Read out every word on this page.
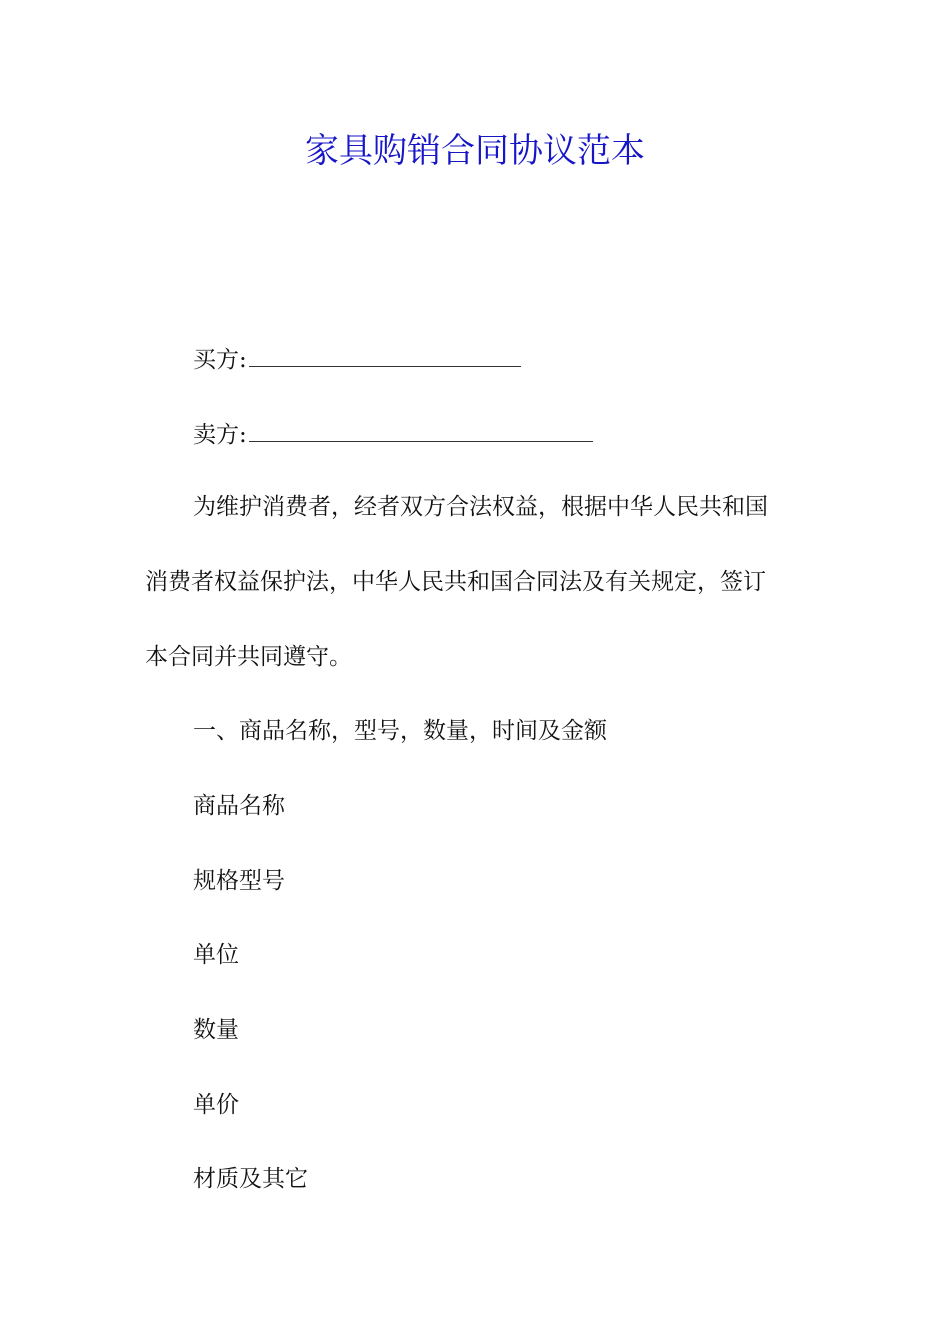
家具购销合同协议范本
买方:
卖方:
为维护消费者，经者双方合法权益，根据中华人民共和国
消费者权益保护法，中华人民共和国合同法及有关规定，签订
本合同并共同遵守。
一、商品名称，型号，数量，时间及金额
商品名称
规格型号
单位
数量
单价
材质及其它
